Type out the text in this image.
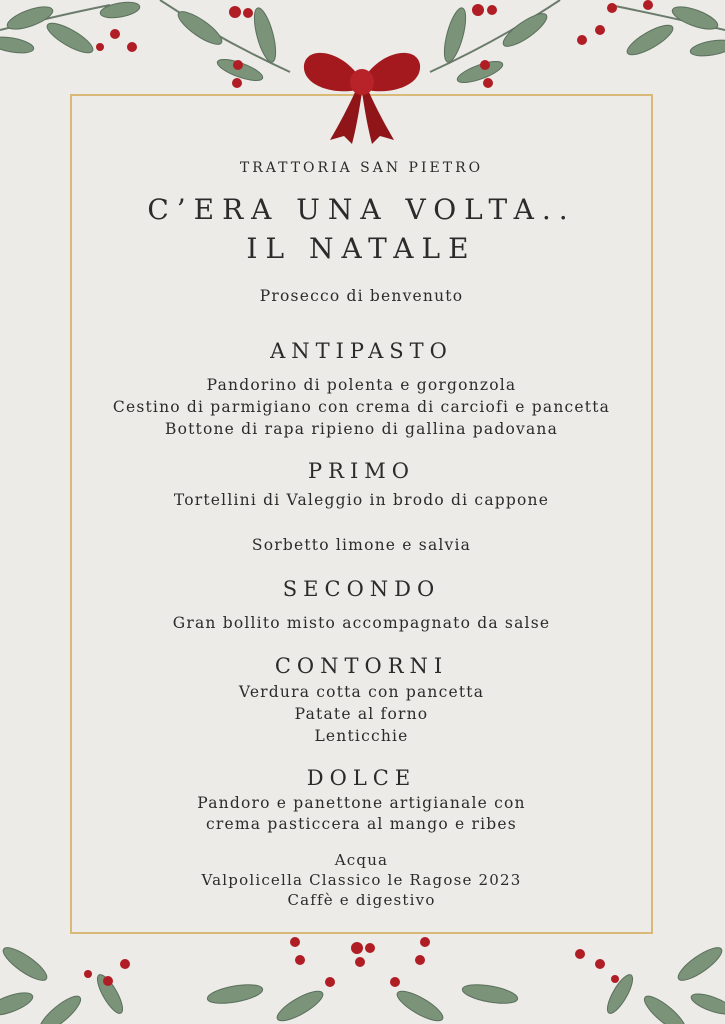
TRATTORIA SAN PIETRO
C’ERA UNA VOLTA..
IL NATALE
Prosecco di benvenuto
ANTIPASTO
Pandorino di polenta e gorgonzola
Cestino di parmigiano con crema di carciofi e pancetta
Bottone di rapa ripieno di gallina padovana
PRIMO
Tortellini di Valeggio in brodo di cappone
Sorbetto limone e salvia
SECONDO
Gran bollito misto accompagnato da salse
CONTORNI
Verdura cotta con pancetta
Patate al forno
Lenticchie
DOLCE
Pandoro e panettone artigianale con
crema pasticcera al mango e ribes
Acqua
Valpolicella Classico le Ragose 2023
Caffè e digestivo
